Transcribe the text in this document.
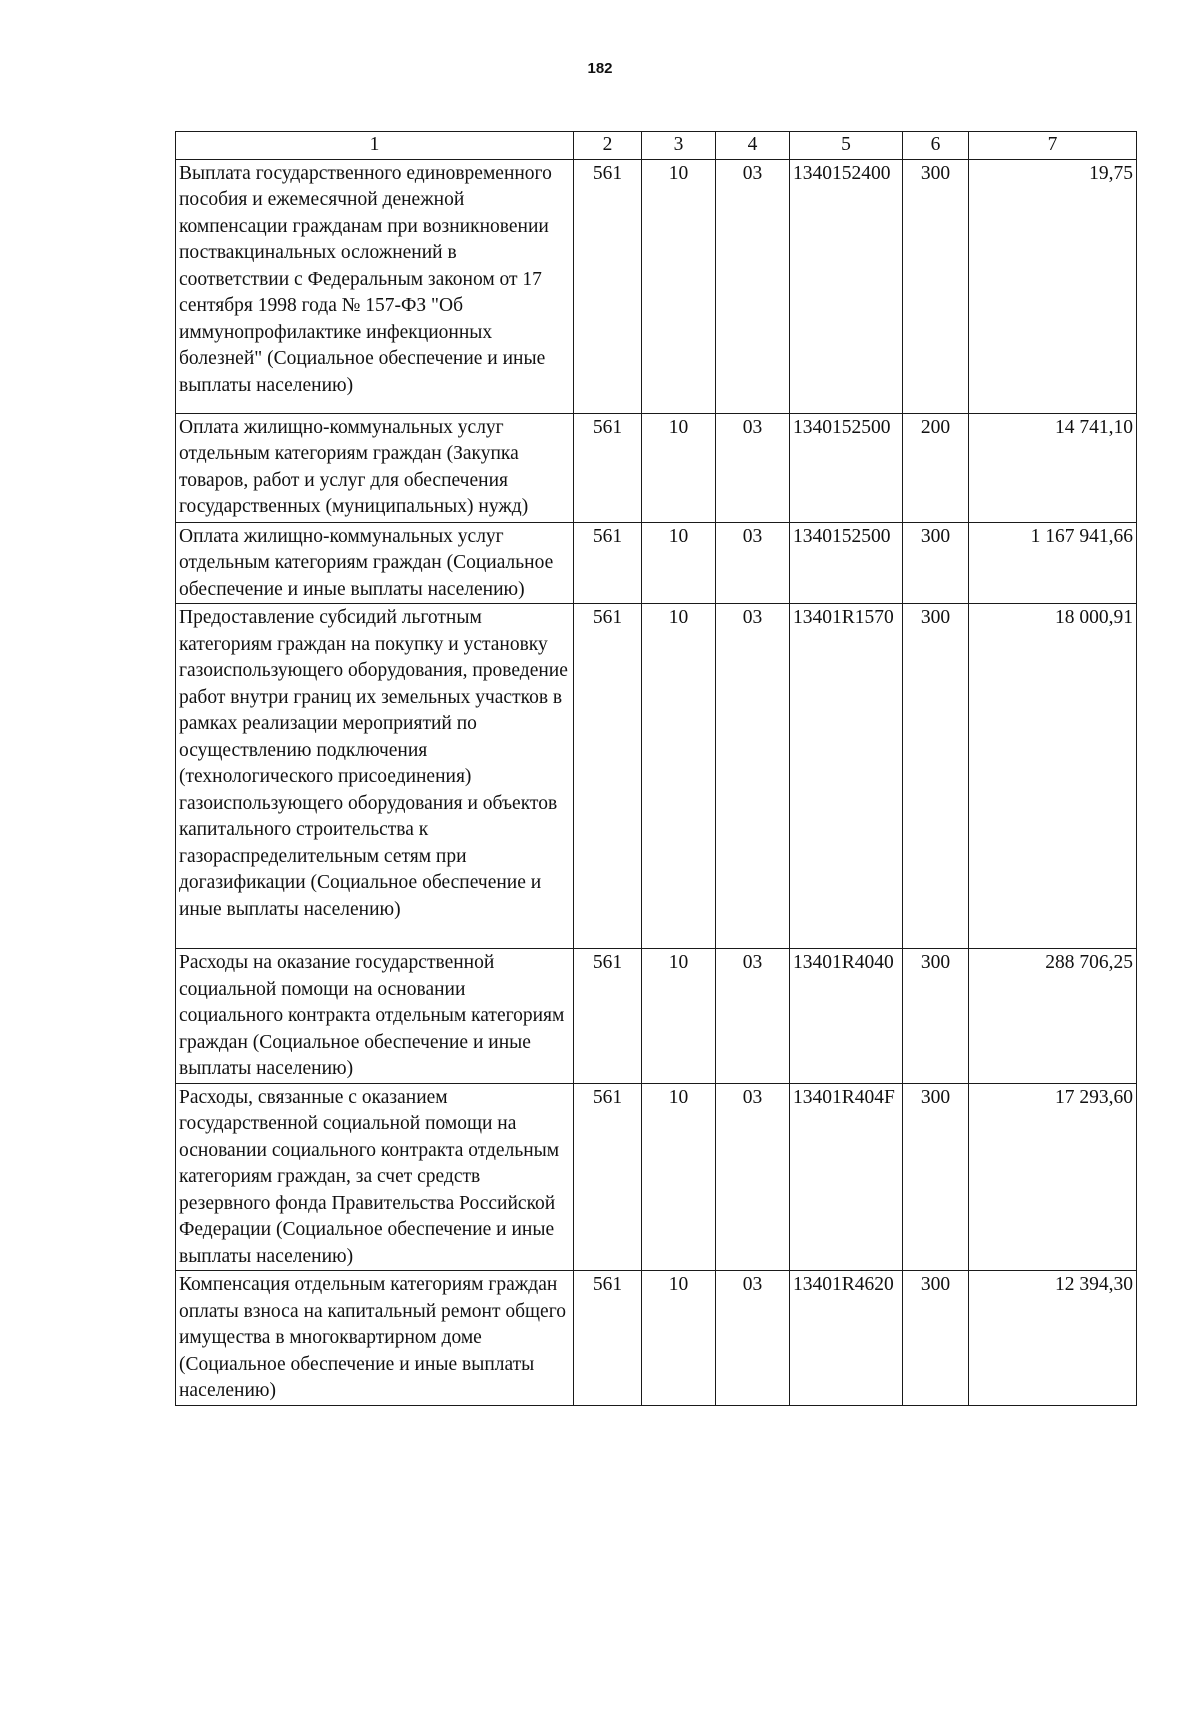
182
1	2	3	4	5	6	7
Выплата государственного единовременного пособия и ежемесячной денежной компенсации гражданам при возникновении поствакцинальных осложнений в соответствии с Федеральным законом от 17 сентября 1998 года № 157-ФЗ "Об иммунопрофилактике инфекционных болезней" (Социальное обеспечение и иные выплаты населению)	561	10	03	1340152400	300	19,75
Оплата жилищно-коммунальных услуг отдельным категориям граждан (Закупка товаров, работ и услуг для обеспечения государственных (муниципальных) нужд)	561	10	03	1340152500	200	14 741,10
Оплата жилищно-коммунальных услуг отдельным категориям граждан (Социальное обеспечение и иные выплаты населению)	561	10	03	1340152500	300	1 167 941,66
Предоставление субсидий льготным категориям граждан на покупку и установку газоиспользующего оборудования, проведение работ внутри границ их земельных участков в рамках реализации мероприятий по осуществлению подключения (технологического присоединения) газоиспользующего оборудования и объектов капитального строительства к газораспределительным сетям при догазификации (Социальное обеспечение и иные выплаты населению)	561	10	03	13401R1570	300	18 000,91
Расходы на оказание государственной социальной помощи на основании социального контракта отдельным категориям граждан (Социальное обеспечение и иные выплаты населению)	561	10	03	13401R4040	300	288 706,25
Расходы, связанные с оказанием государственной социальной помощи на основании социального контракта отдельным категориям граждан, за счет средств резервного фонда Правительства Российской Федерации (Социальное обеспечение и иные выплаты населению)	561	10	03	13401R404F	300	17 293,60
Компенсация отдельным категориям граждан оплаты взноса на капитальный ремонт общего имущества в многоквартирном доме (Социальное обеспечение и иные выплаты населению)	561	10	03	13401R4620	300	12 394,30
